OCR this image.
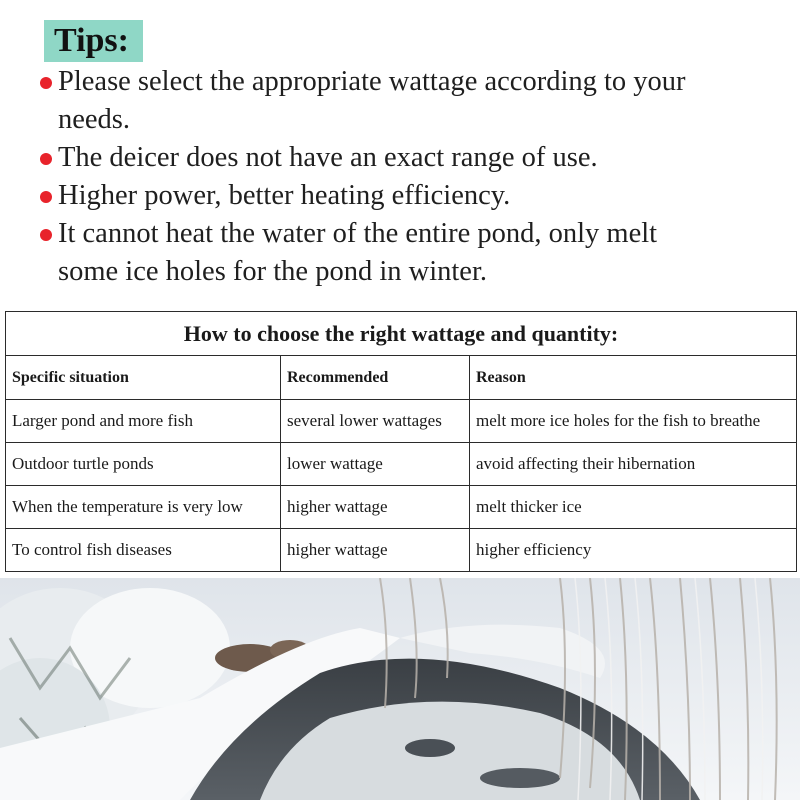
Tips:
Please select the appropriate wattage according to your
needs.
The deicer does not have an exact range of use.
Higher power, better heating efficiency.
It cannot heat the water of the entire pond, only melt
some ice holes for the pond in winter.
How to choose the right wattage and quantity:		
Specific situation	Recommended	Reason
Larger pond and more fish	several lower wattages	melt more ice holes for the fish to breathe
Outdoor turtle ponds	lower wattage	avoid affecting their hibernation
When the temperature is very low	higher wattage	melt thicker ice
To control fish diseases	higher wattage	higher efficiency
